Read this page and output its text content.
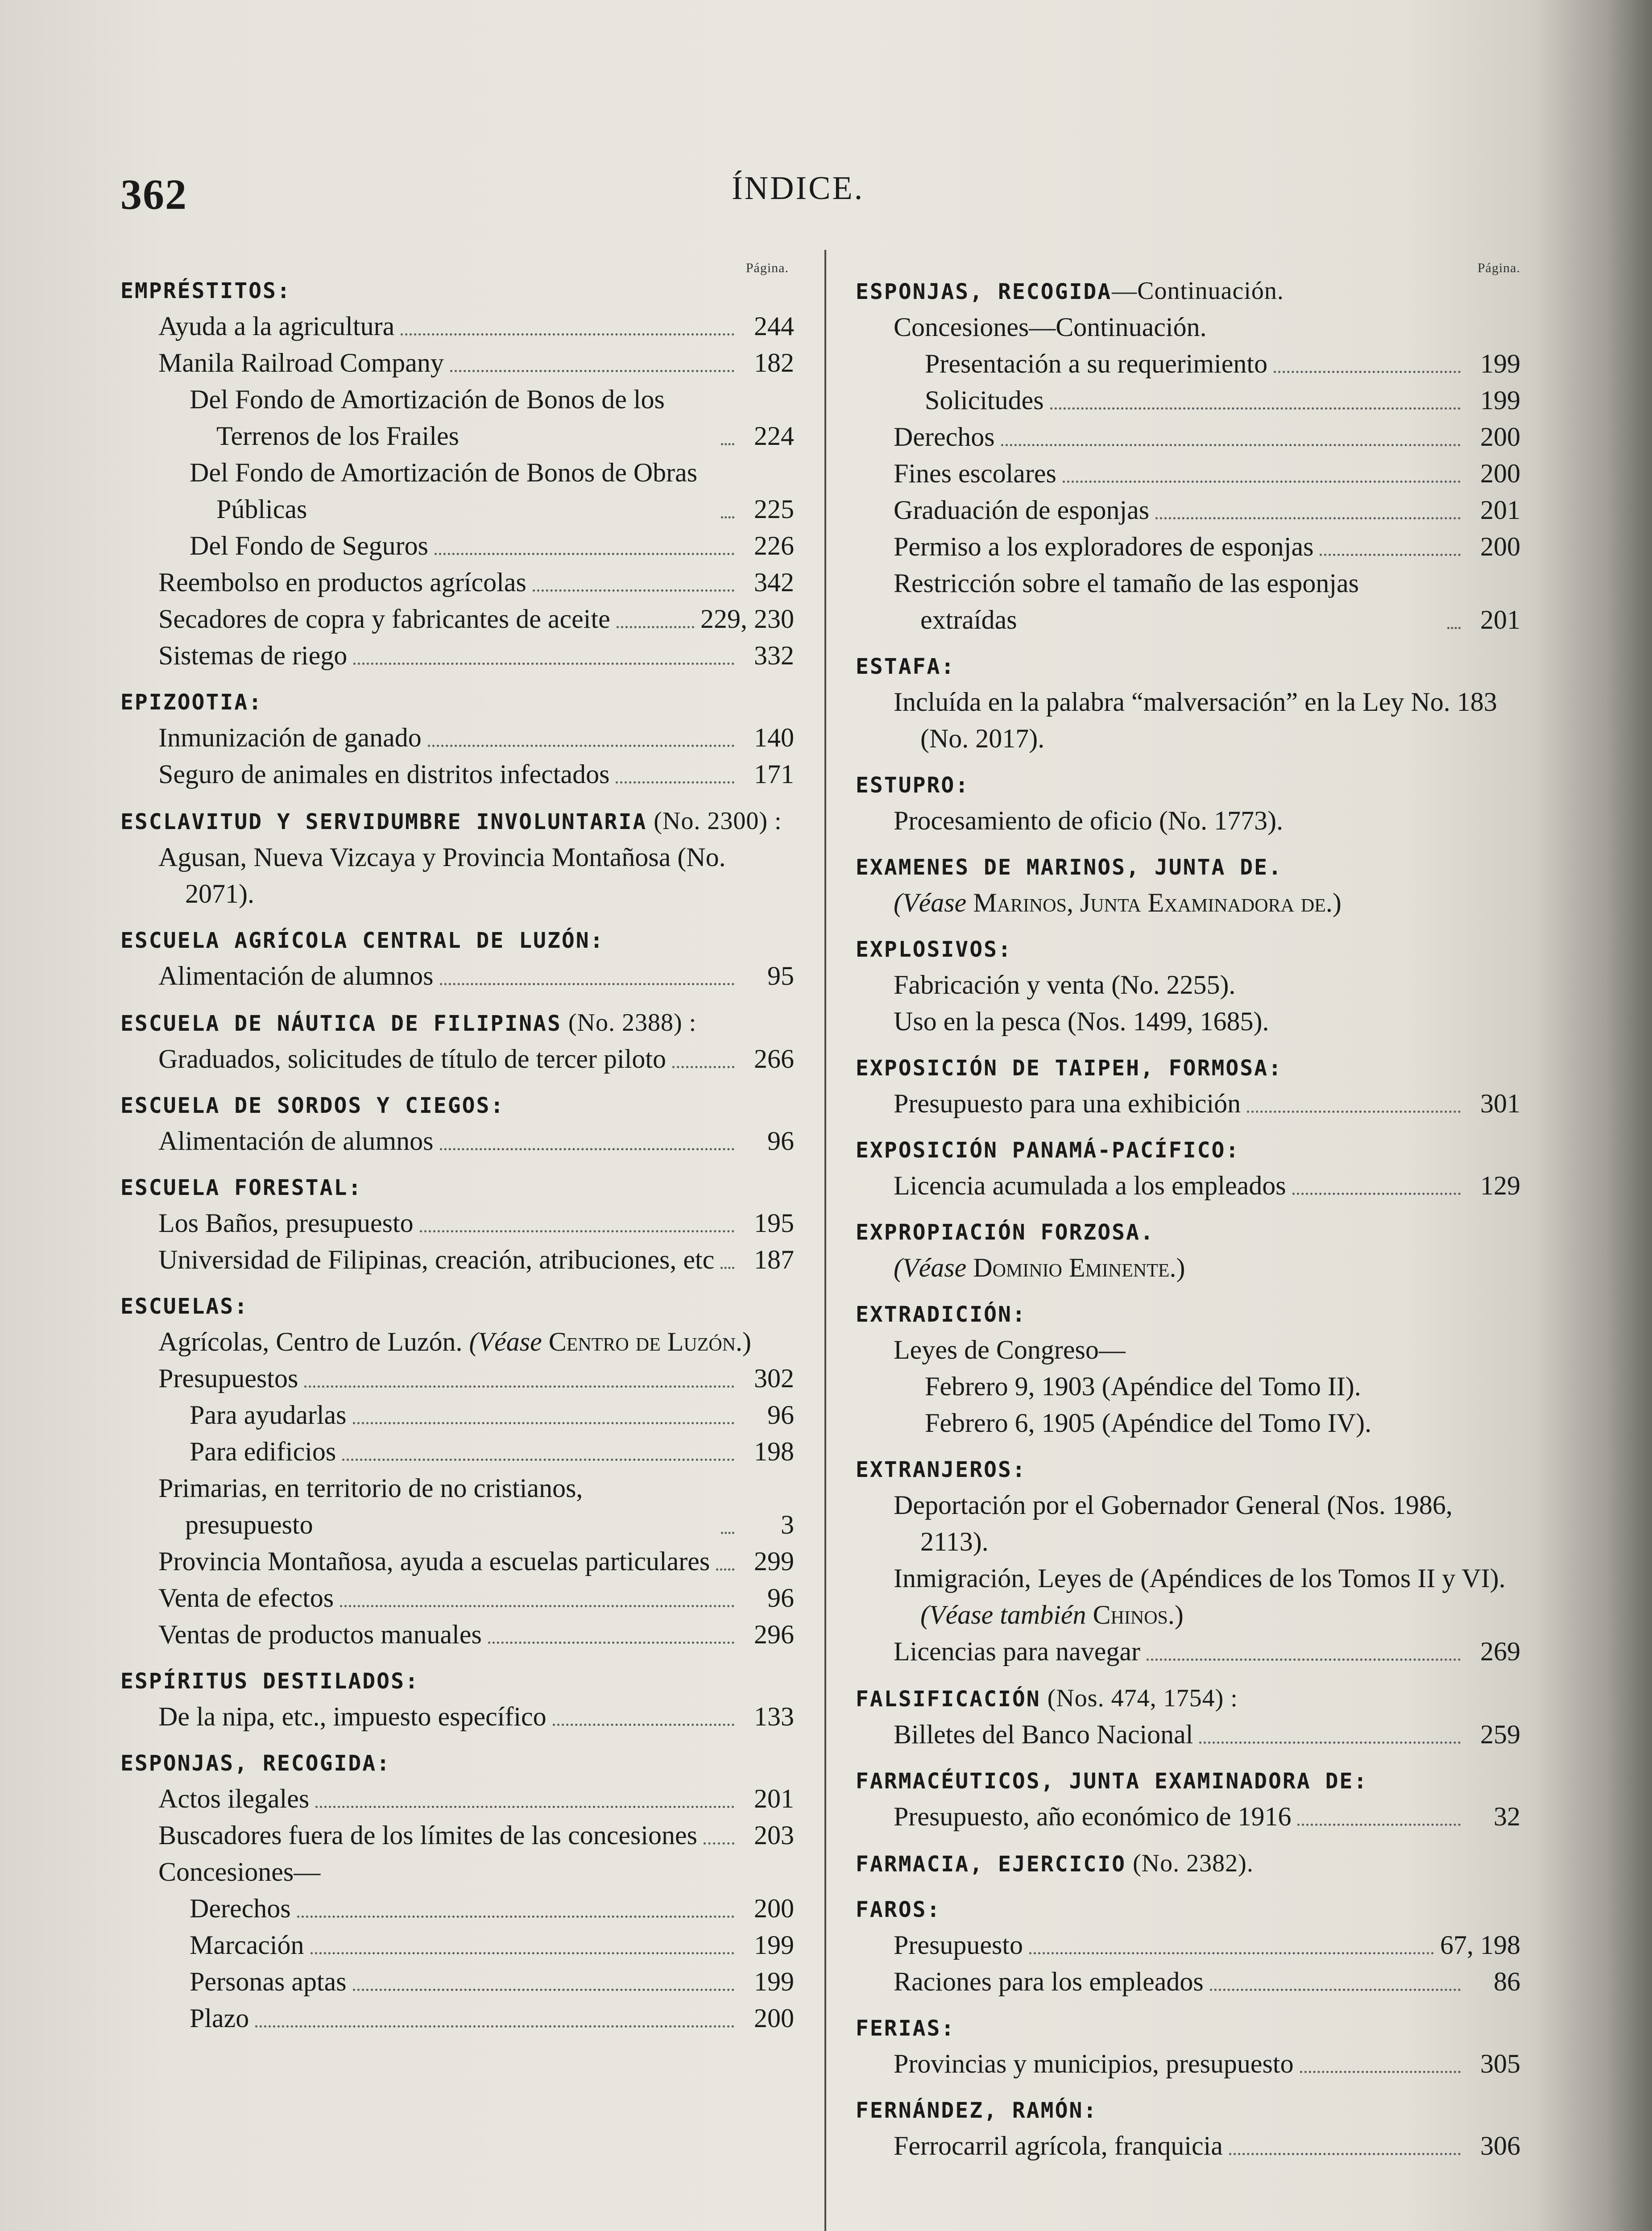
362	ÍNDICE.
Página.
EMPRÉSTITOS:
Ayuda a la agricultura	244
Manila Railroad Company	182
Del Fondo de Amortización de Bonos de los Terrenos de los Frailes	224
Del Fondo de Amortización de Bonos de Obras Públicas	225
Del Fondo de Seguros	226
Reembolso en productos agrícolas	342
Secadores de copra y fabricantes de aceite	229, 230
Sistemas de riego	332
EPIZOOTIA:
Inmunización de ganado	140
Seguro de animales en distritos infectados	171
ESCLAVITUD Y SERVIDUMBRE INVOLUNTARIA (No. 2300) :
Agusan, Nueva Vizcaya y Provincia Montañosa (No. 2071).
ESCUELA AGRÍCOLA CENTRAL DE LUZÓN:
Alimentación de alumnos	95
ESCUELA DE NÁUTICA DE FILIPINAS (No. 2388) :
Graduados, solicitudes de título de tercer piloto	266
ESCUELA DE SORDOS Y CIEGOS:
Alimentación de alumnos	96
ESCUELA FORESTAL:
Los Baños, presupuesto	195
Universidad de Filipinas, creación, atribuciones, etc	187
ESCUELAS:
Agrícolas, Centro de Luzón. (Véase Centro de Luzón.)
Presupuestos	302
Para ayudarlas	96
Para edificios	198
Primarias, en territorio de no cristianos, presupuesto	3
Provincia Montañosa, ayuda a escuelas particulares	299
Venta de efectos	96
Ventas de productos manuales	296
ESPÍRITUS DESTILADOS:
De la nipa, etc., impuesto específico	133
ESPONJAS, RECOGIDA:
Actos ilegales	201
Buscadores fuera de los límites de las concesiones	203
Concesiones—
Derechos	200
Marcación	199
Personas aptas	199
Plazo	200
Página.
ESPONJAS, RECOGIDA—Continuación.
Concesiones—Continuación.
Presentación a su requerimiento	199
Solicitudes	199
Derechos	200
Fines escolares	200
Graduación de esponjas	201
Permiso a los exploradores de esponjas	200
Restricción sobre el tamaño de las esponjas extraídas	201
ESTAFA:
Incluída en la palabra “malversación” en la Ley No. 183 (No. 2017).
ESTUPRO:
Procesamiento de oficio (No. 1773).
EXAMENES DE MARINOS, JUNTA DE.
(Véase Marinos, Junta Examinadora de.)
EXPLOSIVOS:
Fabricación y venta (No. 2255).
Uso en la pesca (Nos. 1499, 1685).
EXPOSICIÓN DE TAIPEH, FORMOSA:
Presupuesto para una exhibición	301
EXPOSICIÓN PANAMÁ-PACÍFICO:
Licencia acumulada a los empleados	129
EXPROPIACIÓN FORZOSA.
(Véase Dominio Eminente.)
EXTRADICIÓN:
Leyes de Congreso—
Febrero 9, 1903 (Apéndice del Tomo II).
Febrero 6, 1905 (Apéndice del Tomo IV).
EXTRANJEROS:
Deportación por el Gobernador General (Nos. 1986, 2113).
Inmigración, Leyes de (Apéndices de los Tomos II y VI). (Véase también Chinos.)
Licencias para navegar	269
FALSIFICACIÓN (Nos. 474, 1754) :
Billetes del Banco Nacional	259
FARMACÉUTICOS, JUNTA EXAMINADORA DE:
Presupuesto, año económico de 1916	32
FARMACIA, EJERCICIO (No. 2382).
FAROS:
Presupuesto	67, 198
Raciones para los empleados	86
FERIAS:
Provincias y municipios, presupuesto	305
FERNÁNDEZ, RAMÓN:
Ferrocarril agrícola, franquicia	306
